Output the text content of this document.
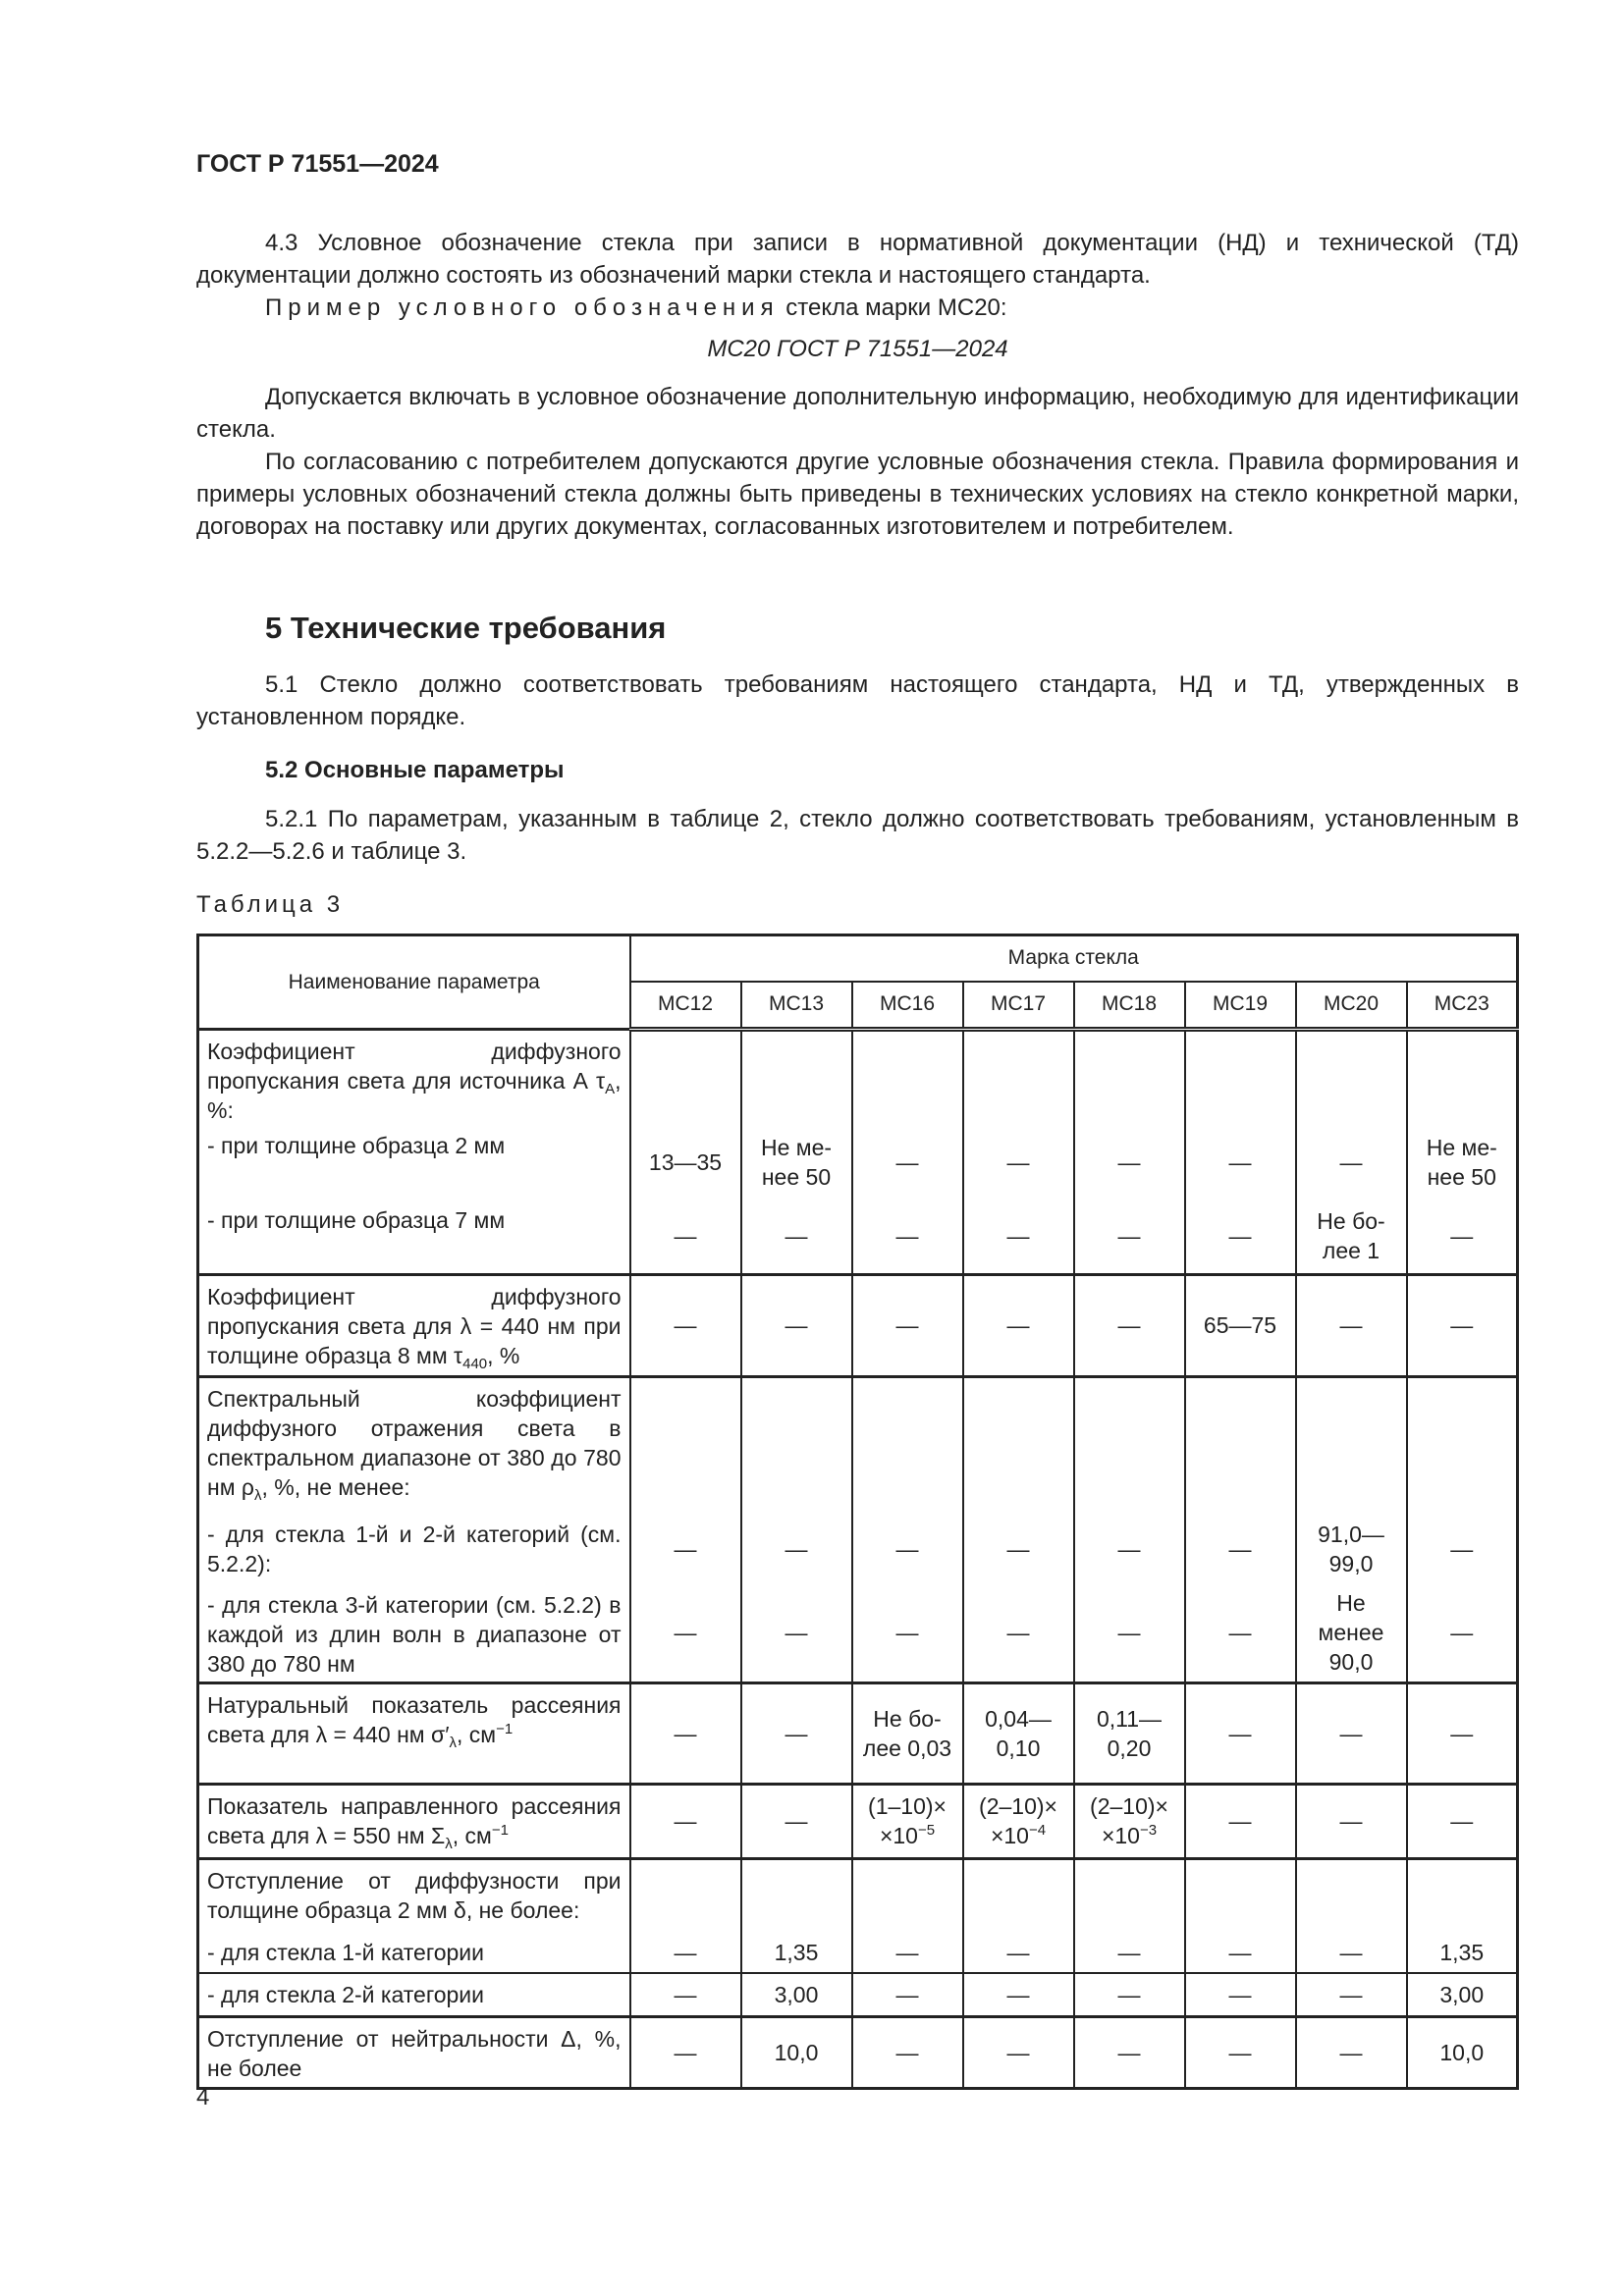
ГОСТ Р 71551—2024

4.3 Условное обозначение стекла при записи в нормативной документации (НД) и технической (ТД) документации должно состоять из обозначений марки стекла и настоящего стандарта.

Пример условного обозначения стекла марки МС20:

МС20 ГОСТ Р 71551—2024

Допускается включать в условное обозначение дополнительную информацию, необходимую для идентификации стекла.

По согласованию с потребителем допускаются другие условные обозначения стекла. Правила формирования и примеры условных обозначений стекла должны быть приведены в технических условиях на стекло конкретной марки, договорах на поставку или других документах, согласованных изготовителем и потребителем.

5 Технические требования

5.1 Стекло должно соответствовать требованиям настоящего стандарта, НД и ТД, утвержденных в установленном порядке.

5.2 Основные параметры

5.2.1 По параметрам, указанным в таблице 2, стекло должно соответствовать требованиям, установленным в 5.2.2—5.2.6 и таблице 3.

Таблица 3
Наименование параметра	Марка стекла							
	МС12	МС13	МС16	МС17	МС18	МС19	МС20	МС23
Коэффициент диффузного пропускания света для источника А $\tau_A$, %:								
- при толщине образца 2 мм	13—35	Не ме-
нее 50	—	—	—	—	—	Не ме-
нее 50
- при толщине образца 7 мм	—	—	—	—	—	—	Не бо-
лее 1	—
Коэффициент диффузного пропускания света для λ = 440 нм при толщине образца 8 мм $\tau_{440}$, %	—	—	—	—	—	65—75	—	—
Спектральный коэффициент диффузного отражения света в спектральном диапазоне от 380 до 780 нм $\rho_\lambda$, %, не менее:								
- для стекла 1-й и 2-й категорий (см. 5.2.2):	—	—	—	—	—	—	91,0—
99,0	—
- для стекла 3-й категории (см. 5.2.2) в каждой из длин волн в диапазоне от 380 до 780 нм	—	—	—	—	—	—	Не
менее
90,0	—
Натуральный показатель рассеяния света для λ = 440 нм $\sigma'_\lambda$, $см^{-1}$	—	—	Не бо-
лее 0,03	0,04—
0,10	0,11—
0,20	—	—	—
Показатель направленного рассеяния света для λ = 550 нм $\Sigma_\lambda$, $см^{-1}$	—	—	(1–10)×
$\times 10^{-5}$	(2–10)×
$\times 10^{-4}$	(2–10)×
$\times 10^{-3}$	—	—	—
Отступление от диффузности при толщине образца 2 мм δ, не более:								
- для стекла 1-й категории	—	1,35	—	—	—	—	—	1,35
- для стекла 2-й категории	—	3,00	—	—	—	—	—	3,00
Отступление от нейтральности Δ, %, не более	—	10,0	—	—	—	—	—	10,0
4
